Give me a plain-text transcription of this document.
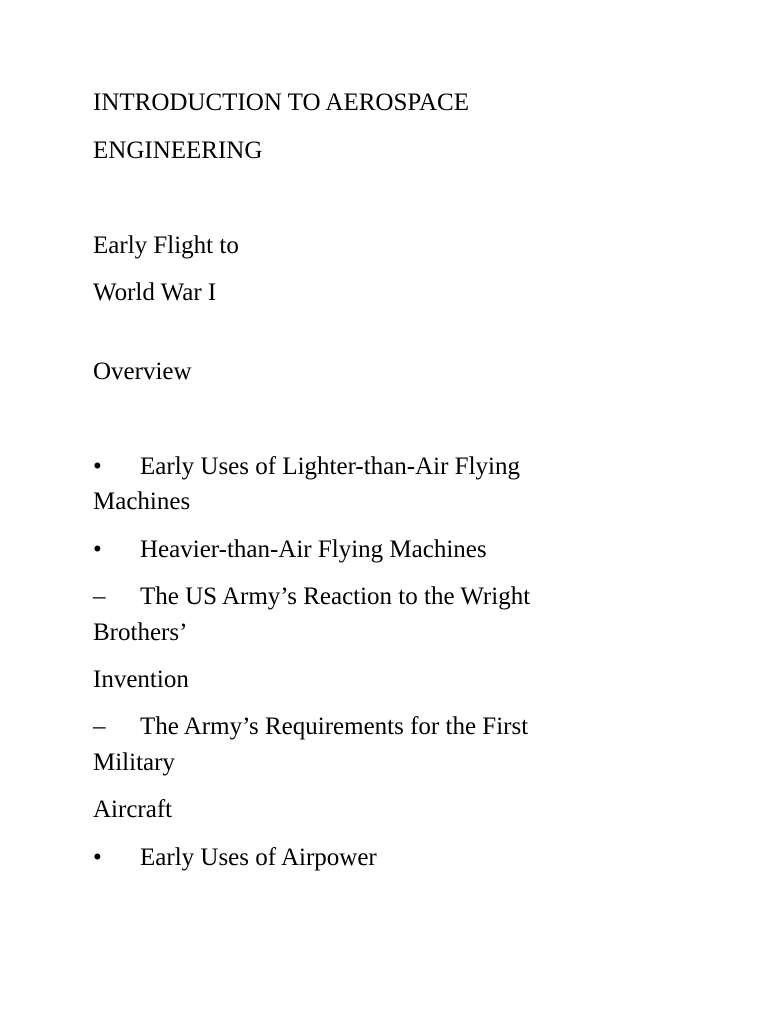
INTRODUCTION TO AEROSPACE
ENGINEERING
Early Flight to
World War I
Overview
• Early Uses of Lighter-than-Air Flying
Machines
• Heavier-than-Air Flying Machines
– The US Army’s Reaction to the Wright
Brothers’
Invention
– The Army’s Requirements for the First
Military
Aircraft
• Early Uses of Airpower
